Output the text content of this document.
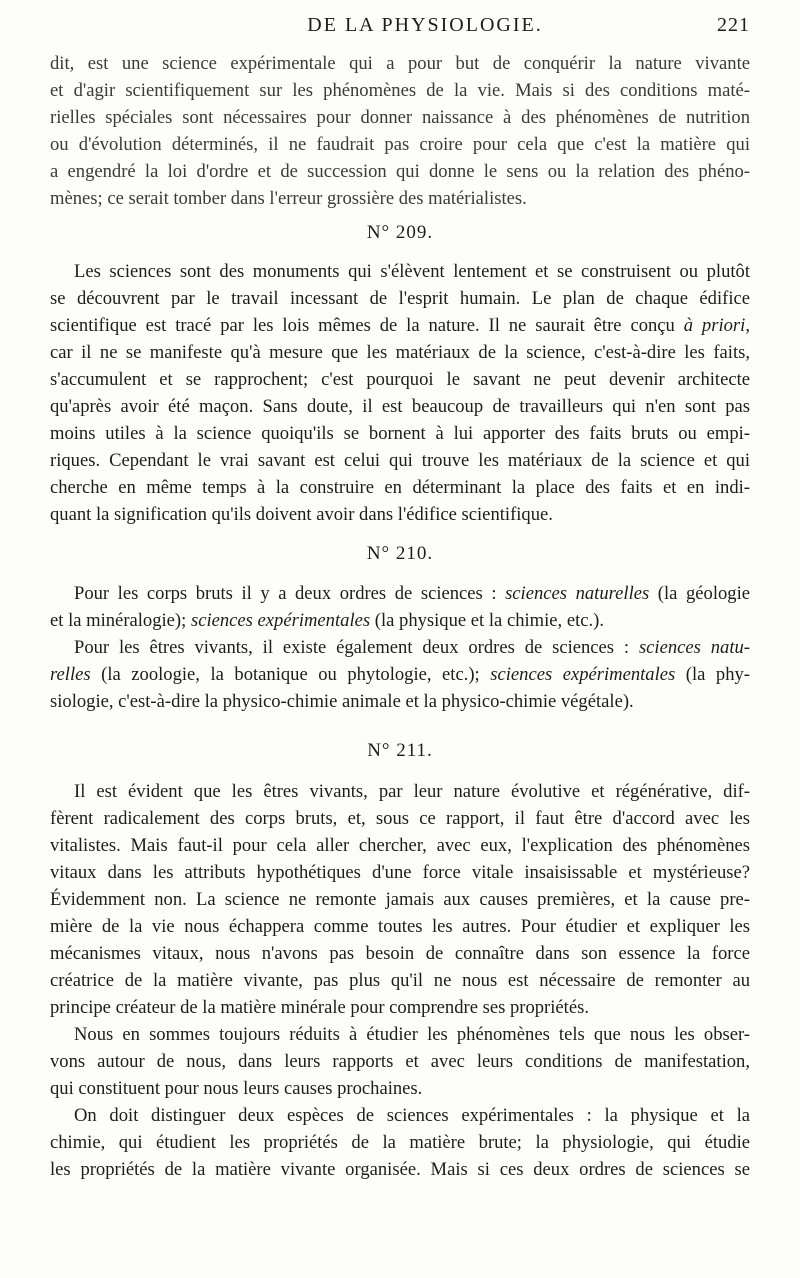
DE LA PHYSIOLOGIE.	221

dit, est une science expérimentale qui a pour but de conquérir la nature vivante
et d'agir scientifiquement sur les phénomènes de la vie. Mais si des conditions maté-
rielles spéciales sont nécessaires pour donner naissance à des phénomènes de nutrition
ou d'évolution déterminés, il ne faudrait pas croire pour cela que c'est la matière qui
a engendré la loi d'ordre et de succession qui donne le sens ou la relation des phéno-
mènes; ce serait tomber dans l'erreur grossière des matérialistes.

N° 209.

Les sciences sont des monuments qui s'élèvent lentement et se construisent ou plutôt
se découvrent par le travail incessant de l'esprit humain. Le plan de chaque édifice
scientifique est tracé par les lois mêmes de la nature. Il ne saurait être conçu à priori,
car il ne se manifeste qu'à mesure que les matériaux de la science, c'est-à-dire les faits,
s'accumulent et se rapprochent; c'est pourquoi le savant ne peut devenir architecte
qu'après avoir été maçon. Sans doute, il est beaucoup de travailleurs qui n'en sont pas
moins utiles à la science quoiqu'ils se bornent à lui apporter des faits bruts ou empi-
riques. Cependant le vrai savant est celui qui trouve les matériaux de la science et qui
cherche en même temps à la construire en déterminant la place des faits et en indi-
quant la signification qu'ils doivent avoir dans l'édifice scientifique.

N° 210.

Pour les corps bruts il y a deux ordres de sciences : sciences naturelles (la géologie
et la minéralogie); sciences expérimentales (la physique et la chimie, etc.).
Pour les êtres vivants, il existe également deux ordres de sciences : sciences natu-
relles (la zoologie, la botanique ou phytologie, etc.); sciences expérimentales (la phy-
siologie, c'est-à-dire la physico-chimie animale et la physico-chimie végétale).

N° 211.

Il est évident que les êtres vivants, par leur nature évolutive et régénérative, dif-
fèrent radicalement des corps bruts, et, sous ce rapport, il faut être d'accord avec les
vitalistes. Mais faut-il pour cela aller chercher, avec eux, l'explication des phénomènes
vitaux dans les attributs hypothétiques d'une force vitale insaisissable et mystérieuse?
Évidemment non. La science ne remonte jamais aux causes premières, et la cause pre-
mière de la vie nous échappera comme toutes les autres. Pour étudier et expliquer les
mécanismes vitaux, nous n'avons pas besoin de connaître dans son essence la force
créatrice de la matière vivante, pas plus qu'il ne nous est nécessaire de remonter au
principe créateur de la matière minérale pour comprendre ses propriétés.
Nous en sommes toujours réduits à étudier les phénomènes tels que nous les obser-
vons autour de nous, dans leurs rapports et avec leurs conditions de manifestation,
qui constituent pour nous leurs causes prochaines.
On doit distinguer deux espèces de sciences expérimentales : la physique et la
chimie, qui étudient les propriétés de la matière brute; la physiologie, qui étudie
les propriétés de la matière vivante organisée. Mais si ces deux ordres de sciences se
